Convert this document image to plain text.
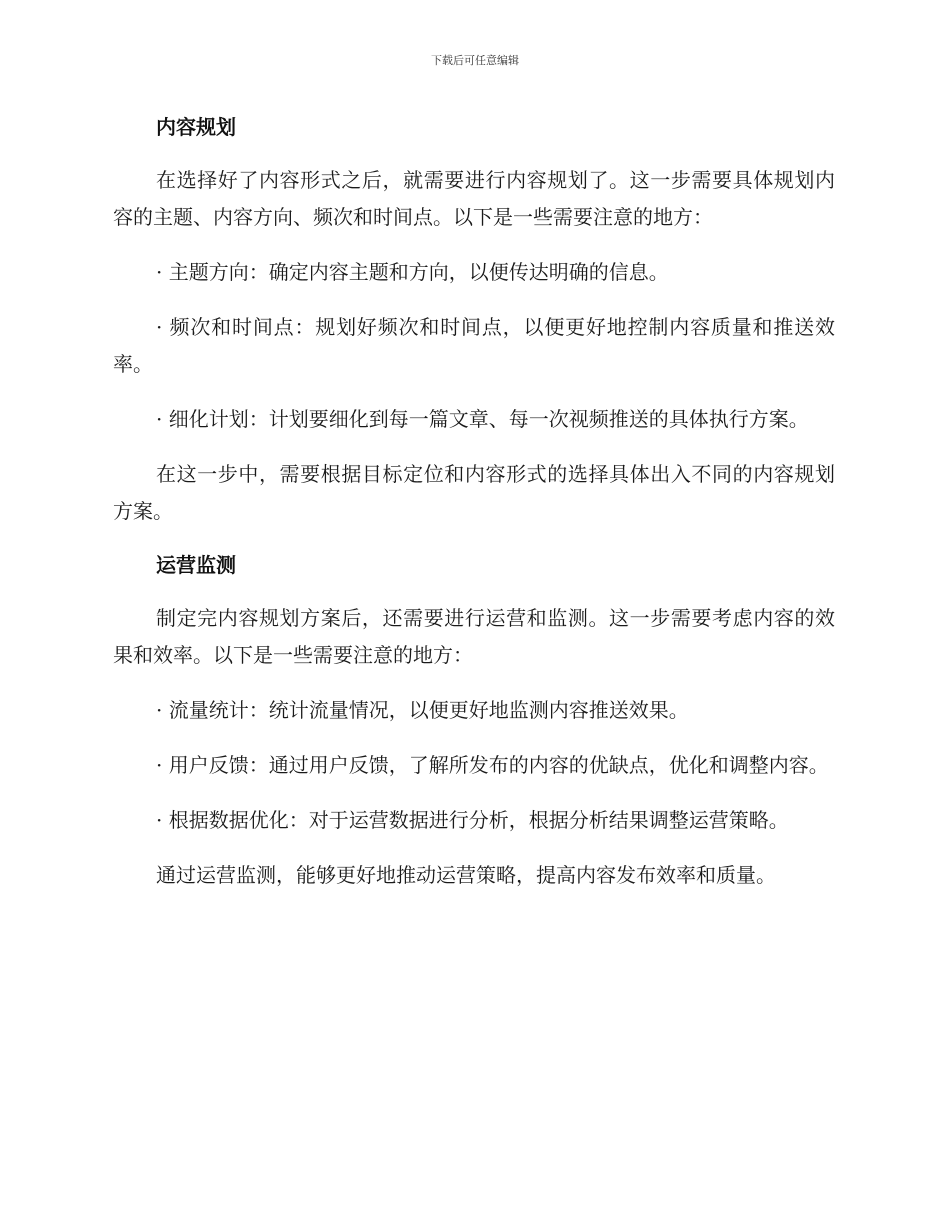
下载后可任意编辑
内容规划

在选择好了内容形式之后，就需要进行内容规划了。这一步需要具体规划内容的主题、内容方向、频次和时间点。以下是一些需要注意的地方：

· 主题方向：确定内容主题和方向，以便传达明确的信息。

· 频次和时间点：规划好频次和时间点，以便更好地控制内容质量和推送效率。

· 细化计划：计划要细化到每一篇文章、每一次视频推送的具体执行方案。

在这一步中，需要根据目标定位和内容形式的选择具体出入不同的内容规划方案。

运营监测

制定完内容规划方案后，还需要进行运营和监测。这一步需要考虑内容的效果和效率。以下是一些需要注意的地方：

· 流量统计：统计流量情况，以便更好地监测内容推送效果。

· 用户反馈：通过用户反馈，了解所发布的内容的优缺点，优化和调整内容。

· 根据数据优化：对于运营数据进行分析，根据分析结果调整运营策略。

通过运营监测，能够更好地推动运营策略，提高内容发布效率和质量。
